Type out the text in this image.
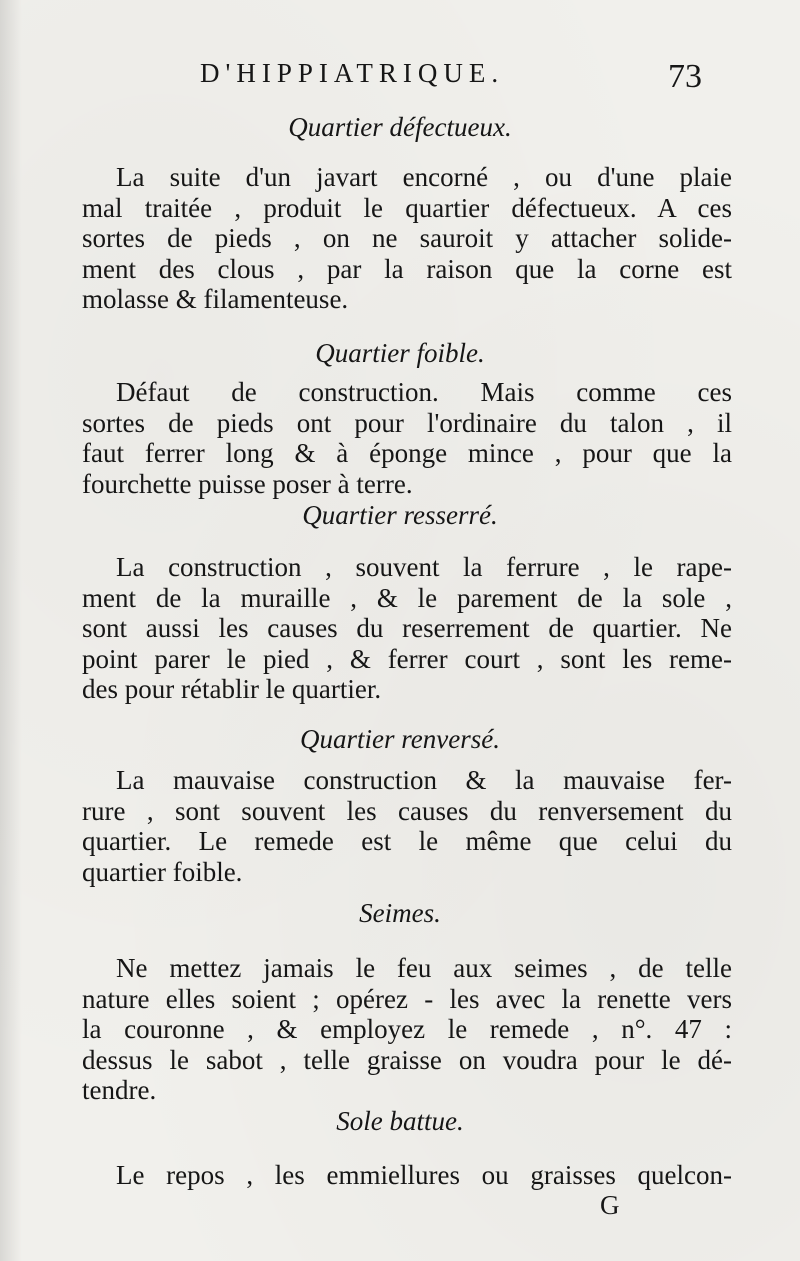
D'HIPPIATRIQUE.	73
Quartier défectueux.
La suite d'un javart encorné , ou d'une plaie
mal traitée , produit le quartier défectueux. A ces
sortes de pieds , on ne sauroit y attacher solide-
ment des clous , par la raison que la corne est
molasse & filamenteuse.
Quartier foible.
Défaut de construction. Mais comme ces
sortes de pieds ont pour l'ordinaire du talon , il
faut ferrer long & à éponge mince , pour que la
fourchette puisse poser à terre.
Quartier resserré.
La construction , souvent la ferrure , le rape-
ment de la muraille , & le parement de la sole ,
sont aussi les causes du reserrement de quartier. Ne
point parer le pied , & ferrer court , sont les reme-
des pour rétablir le quartier.
Quartier renversé.
La mauvaise construction & la mauvaise fer-
rure , sont souvent les causes du renversement du
quartier. Le remede est le même que celui du
quartier foible.
Seimes.
Ne mettez jamais le feu aux seimes , de telle
nature elles soient ; opérez - les avec la renette vers
la couronne , & employez le remede , n°. 47 :
dessus le sabot , telle graisse on voudra pour le dé-
tendre.
Sole battue.
Le repos , les emmiellures ou graisses quelcon-
G
